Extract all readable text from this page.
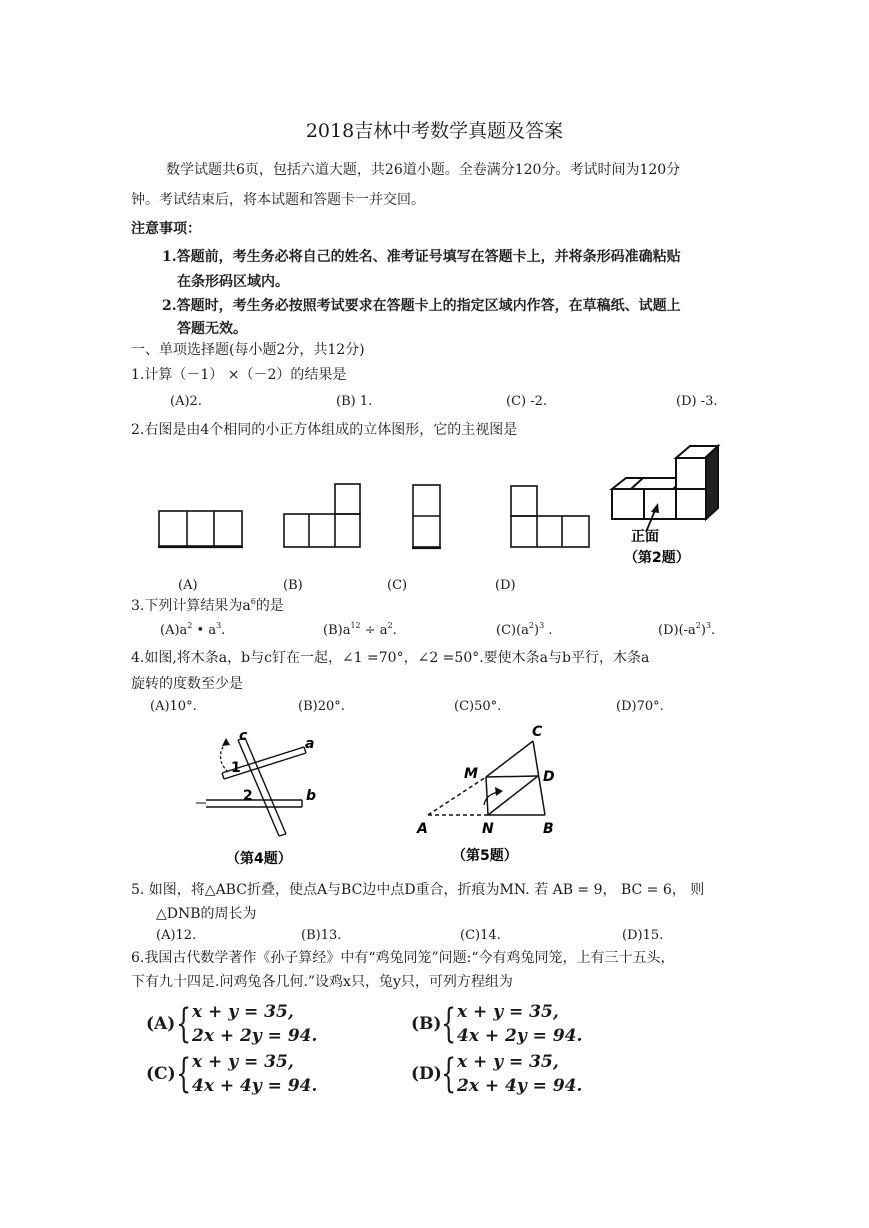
2018吉林中考数学真题及答案
数学试题共6页，包括六道大题，共26道小题。全卷满分120分。考试时间为120分
钟。考试结束后，将本试题和答题卡一并交回。
注意事项：
1.答题前，考生务必将自己的姓名、准考证号填写在答题卡上，并将条形码准确粘贴
在条形码区域内。
2.答题时，考生务必按照考试要求在答题卡上的指定区域内作答，在草稿纸、试题上
答题无效。
一、单项选择题(每小题2分，共12分)
1.计算（－1） ×（－2）的结果是
(A)2.	(B) 1.	(C) -2.	(D) -3.
2.右图是由4个相同的小正方体组成的立体图形，它的主视图是
正面
（第2题）
(A)	(B)	(C)	(D)
3.下列计算结果为$a^6$的是
$(A)a^2$ • $a^3$.	$(B)a^{12} \div a^2$.	$(C)(a^2)^3$ .	$(D)(-a^2)^3$.
4.如图,将木条a，b与c钉在一起，∠1 =70°，∠2 =50°.要使木条a与b平行，木条a
旋转的度数至少是
(A)10°.	(B)20°.	(C)50°.	(D)70°.
c	a
b
1
2
（第4题）
C
M	D
A	N	B
（第5题）
5. 如图，将△ABC折叠，使点A与BC边中点D重合，折痕为MN. 若 AB = 9， BC = 6， 则
△DNB的周长为
(A)12.	(B)13.	(C)14.	(D)15.
6.我国古代数学著作《孙子算经》中有“鸡兔同笼”问题:“今有鸡兔同笼，上有三十五头，
下有九十四足.问鸡兔各几何.”设鸡x只，兔y只，可列方程组为
(A) { x + y = 35,
2x + 2y = 94.
(B) { x + y = 35,
4x + 2y = 94.
(C) { x + y = 35,
4x + 4y = 94.
(D) { x + y = 35,
2x + 4y = 94.
